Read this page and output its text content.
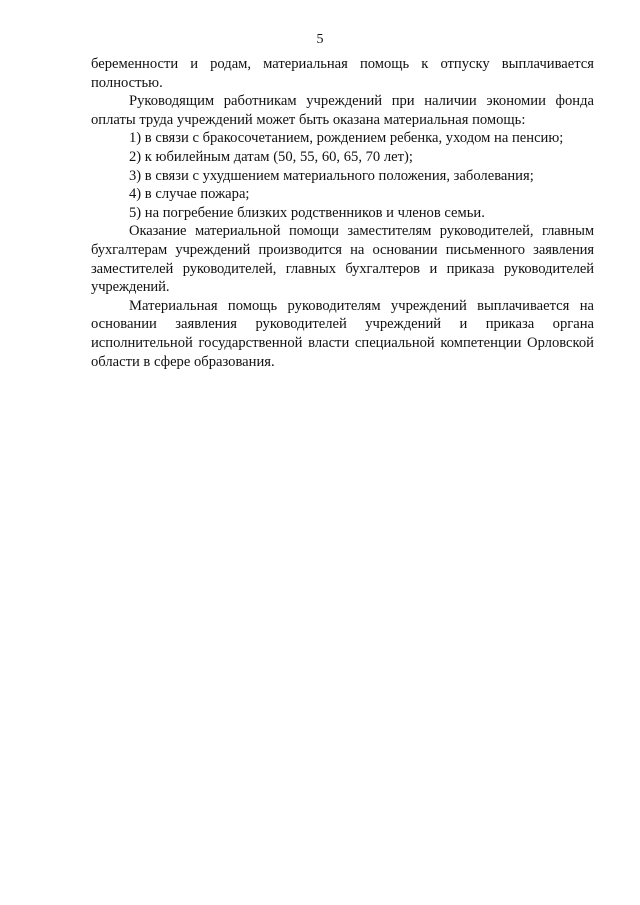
5

беременности и родам, материальная помощь к отпуску выплачивается полностью.

Руководящим работникам учреждений при наличии экономии фонда оплаты труда учреждений может быть оказана материальная помощь:

1) в связи с бракосочетанием, рождением ребенка, уходом на пенсию;

2) к юбилейным датам (50, 55, 60, 65, 70 лет);

3) в связи с ухудшением материального положения, заболевания;

4) в случае пожара;

5) на погребение близких родственников и членов семьи.

Оказание материальной помощи заместителям руководителей, главным бухгалтерам учреждений производится на основании письменного заявления заместителей руководителей, главных бухгалтеров и приказа руководителей учреждений.

Материальная помощь руководителям учреждений выплачивается на основании заявления руководителей учреждений и приказа органа исполнительной государственной власти специальной компетенции Орловской области в сфере образования.
